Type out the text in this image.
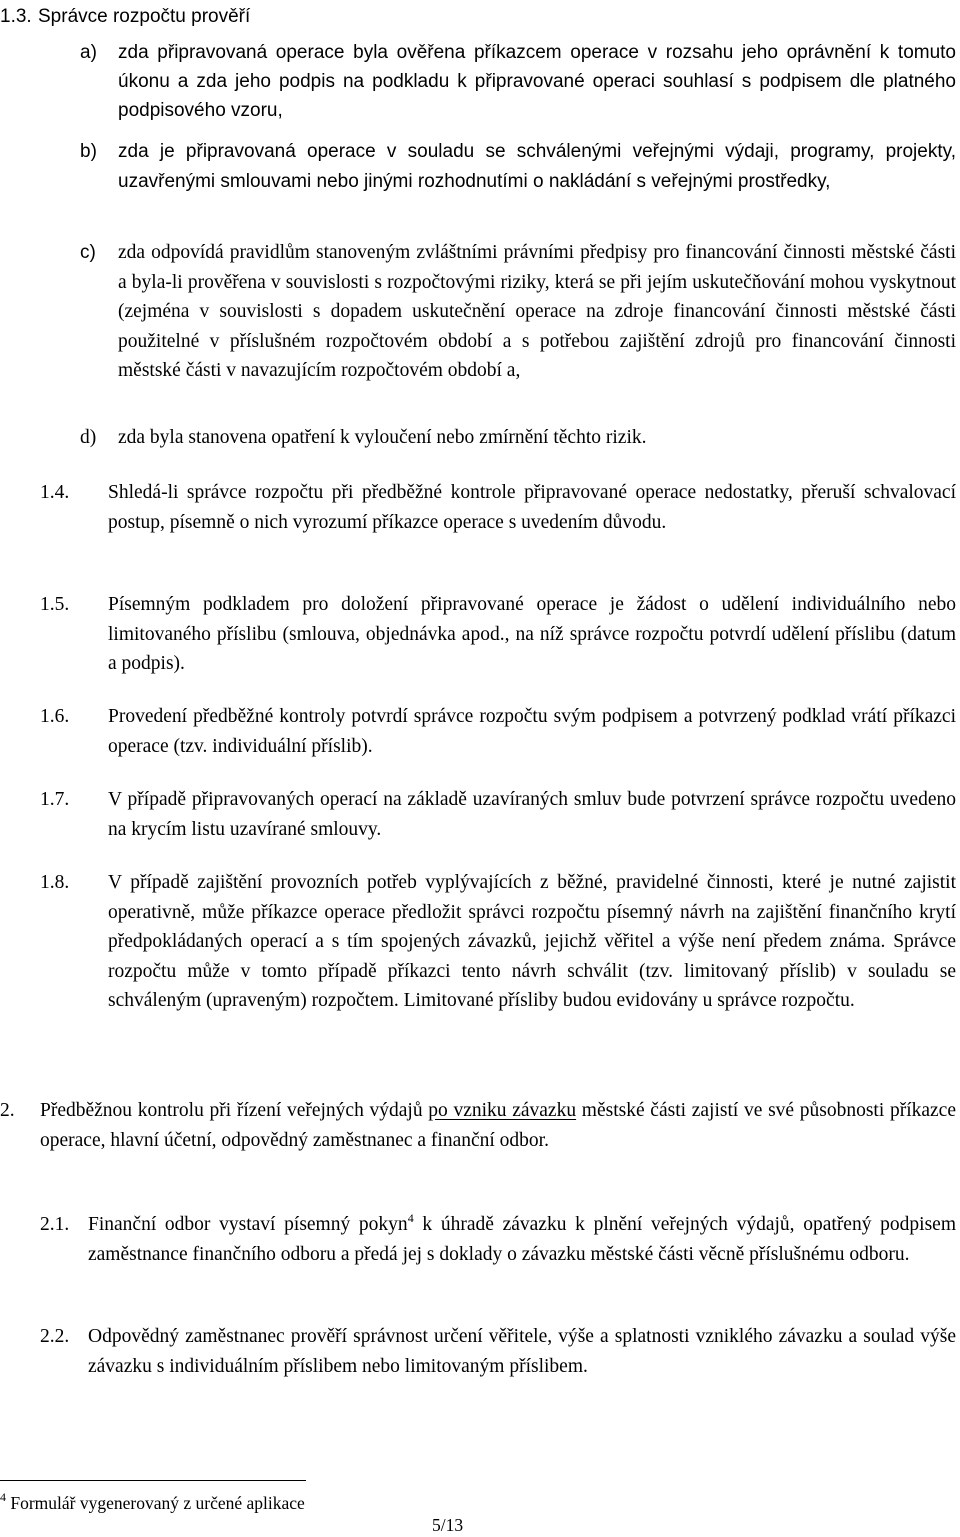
1.3. Správce rozpočtu prověří
a) zda připravovaná operace byla ověřena příkazcem operace v rozsahu jeho oprávnění k tomuto úkonu a zda jeho podpis na podkladu k připravované operaci souhlasí s podpisem dle platného podpisového vzoru,
b) zda je připravovaná operace v souladu se schválenými veřejnými výdaji, programy, projekty, uzavřenými smlouvami nebo jinými rozhodnutími o nakládání s veřejnými prostředky,
c) zda odpovídá pravidlům stanoveným zvláštními právními předpisy pro financování činnosti městské části a byla-li prověřena v souvislosti s rozpočtovými riziky, která se při jejím uskutečňování mohou vyskytnout (zejména v souvislosti s dopadem uskutečnění operace na zdroje financování činnosti městské části použitelné v příslušném rozpočtovém období a s potřebou zajištění zdrojů pro financování činnosti městské části v navazujícím rozpočtovém období a,
d) zda byla stanovena opatření k vyloučení nebo zmírnění těchto rizik.
1.4. Shledá-li správce rozpočtu při předběžné kontrole připravované operace nedostatky, přeruší schvalovací postup, písemně o nich vyrozumí příkazce operace s uvedením důvodu.
1.5. Písemným podkladem pro doložení připravované operace je žádost o udělení individuálního nebo limitovaného příslibu (smlouva, objednávka apod., na níž správce rozpočtu potvrdí udělení příslibu (datum a podpis).
1.6. Provedení předběžné kontroly potvrdí správce rozpočtu svým podpisem a potvrzený podklad vrátí příkazci operace (tzv. individuální příslib).
1.7. V případě připravovaných operací na základě uzavíraných smluv bude potvrzení správce rozpočtu uvedeno na krycím listu uzavírané smlouvy.
1.8. V případě zajištění provozních potřeb vyplývajících z běžné, pravidelné činnosti, které je nutné zajistit operativně, může příkazce operace předložit správci rozpočtu písemný návrh na zajištění finančního krytí předpokládaných operací a s tím spojených závazků, jejichž věřitel a výše není předem známa. Správce rozpočtu může v tomto případě příkazci tento návrh schválit (tzv. limitovaný příslib) v souladu se schváleným (upraveným) rozpočtem. Limitované přísliby budou evidovány u správce rozpočtu.
2. Předběžnou kontrolu při řízení veřejných výdajů po vzniku závazku městské části zajistí ve své působnosti příkazce operace, hlavní účetní, odpovědný zaměstnanec a finanční odbor.
2.1. Finanční odbor vystaví písemný pokyn$^4$ k úhradě závazku k plnění veřejných výdajů, opatřený podpisem zaměstnance finančního odboru a předá jej s doklady o závazku městské části věcně příslušnému odboru.
2.2. Odpovědný zaměstnanec prověří správnost určení věřitele, výše a splatnosti vzniklého závazku a soulad výše závazku s individuálním příslibem nebo limitovaným příslibem.
$^4$ Formulář vygenerovaný z určené aplikace
5/13
